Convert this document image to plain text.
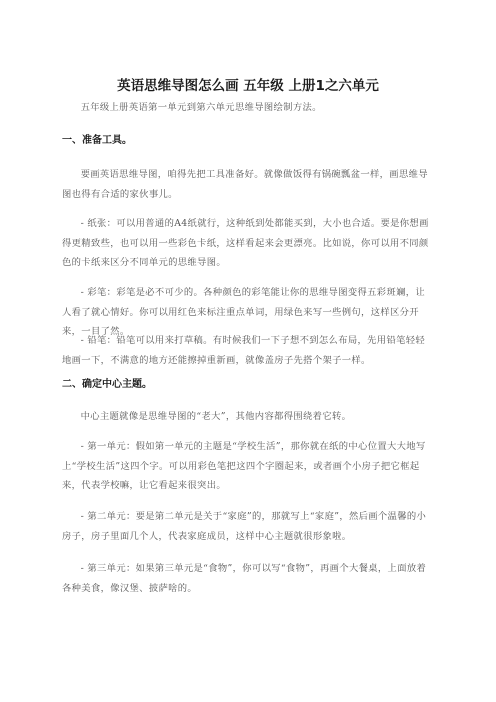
英语思维导图怎么画 五年级 上册1之六单元

五年级上册英语第一单元到第六单元思维导图绘制方法。

一、准备工具。

要画英语思维导图，咱得先把工具准备好。就像做饭得有锅碗瓢盆一样，画思维导图也得有合适的家伙事儿。

- 纸张：可以用普通的A4纸就行，这种纸到处都能买到，大小也合适。要是你想画得更精致些，也可以用一些彩色卡纸，这样看起来会更漂亮。比如说，你可以用不同颜色的卡纸来区分不同单元的思维导图。

- 彩笔：彩笔是必不可少的。各种颜色的彩笔能让你的思维导图变得五彩斑斓，让人看了就心情好。你可以用红色来标注重点单词，用绿色来写一些例句，这样区分开来，一目了然。

- 铅笔：铅笔可以用来打草稿。有时候我们一下子想不到怎么布局，先用铅笔轻轻地画一下，不满意的地方还能擦掉重新画，就像盖房子先搭个架子一样。

二、确定中心主题。

中心主题就像是思维导图的“老大”，其他内容都得围绕着它转。

- 第一单元：假如第一单元的主题是“学校生活”，那你就在纸的中心位置大大地写上“学校生活”这四个字。可以用彩色笔把这四个字圈起来，或者画个小房子把它框起来，代表学校嘛，让它看起来很突出。

- 第二单元：要是第二单元是关于“家庭”的，那就写上“家庭”，然后画个温馨的小房子，房子里面几个人，代表家庭成员，这样中心主题就很形象啦。

- 第三单元：如果第三单元是“食物”，你可以写“食物”，再画个大餐桌，上面放着各种美食，像汉堡、披萨啥的。
